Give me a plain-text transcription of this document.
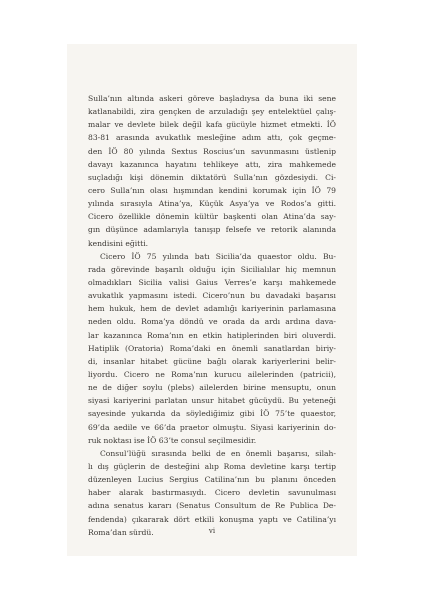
Sulla’nın altında askeri göreve başladıysa da buna iki sene
katlanabildi, zira gençken de arzuladığı şey entelektüel çalış-
malar ve devlete bilek değil kafa gücüyle hizmet etmekti. İÖ
83-81 arasında avukatlık mesleğine adım attı, çok geçme-
den İÖ 80 yılında Sextus Roscius’un savunmasını üstlenip
davayı kazanınca hayatını tehlikeye attı, zira mahkemede
suçladığı kişi dönemin diktatörü Sulla’nın gözdesiydi. Ci-
cero Sulla’nın olası hışmından kendini korumak için İÖ 79
yılında sırasıyla Atina’ya, Küçük Asya’ya ve Rodos’a gitti.
Cicero özellikle dönemin kültür başkenti olan Atina’da say-
gın düşünce adamlarıyla tanışıp felsefe ve retorik alanında
kendisini eğitti.

Cicero İÖ 75 yılında batı Sicilia’da quaestor oldu. Bu-
rada görevinde başarılı olduğu için Sicilialılar hiç memnun
olmadıkları Sicilia valisi Gaius Verres’e karşı mahkemede
avukatlık yapmasını istedi. Cicero’nun bu davadaki başarısı
hem hukuk, hem de devlet adamlığı kariyerinin parlamasına
neden oldu. Roma’ya döndü ve orada da ardı ardına dava-
lar kazanınca Roma’nın en etkin hatiplerinden biri oluverdi.
Hatiplik (Oratoria) Roma’daki en önemli sanatlardan biriy-
di, insanlar hitabet gücüne bağlı olarak kariyerlerini belir-
liyordu. Cicero ne Roma’nın kurucu ailelerinden (patricii),
ne de diğer soylu (plebs) ailelerden birine mensuptu, onun
siyasi kariyerini parlatan unsur hitabet gücüydü. Bu yeteneği
sayesinde yukarıda da söylediğimiz gibi İÖ 75’te quaestor,
69’da aedile ve 66’da praetor olmuştu. Siyasi kariyerinin do-
ruk noktası ise İÖ 63’te consul seçilmesidir.

Consul’lüğü sırasında belki de en önemli başarısı, silah-
lı dış güçlerin de desteğini alıp Roma devletine karşı tertip
düzenleyen Lucius Sergius Catilina’nın bu planını önceden
haber alarak bastırmasıydı. Cicero devletin savunulması
adına senatus kararı (Senatus Consultum de Re Publica De-
fendenda) çıkararak dört etkili konuşma yaptı ve Catilina’yı
Roma’dan sürdü.	vi
